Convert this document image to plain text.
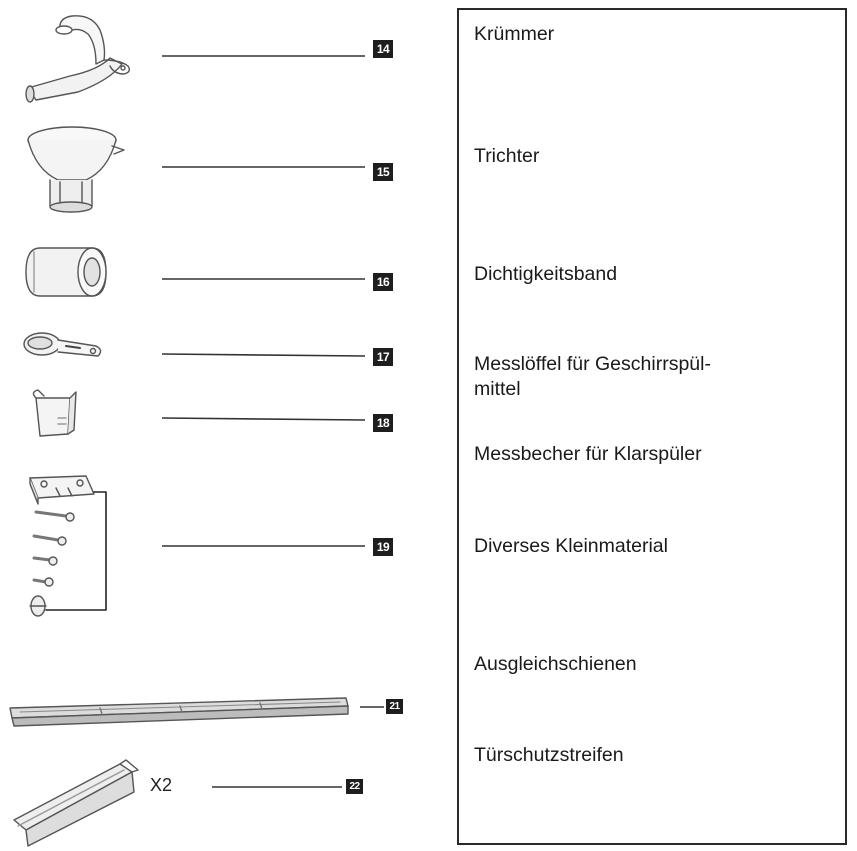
14
15
16
17
18
19
21
22
X2
Krümmer
Trichter
Dichtigkeitsband
Messlöffel für Geschirrspül-
mittel
Messbecher für Klarspüler
Diverses Kleinmaterial
Ausgleichschienen
Türschutzstreifen
